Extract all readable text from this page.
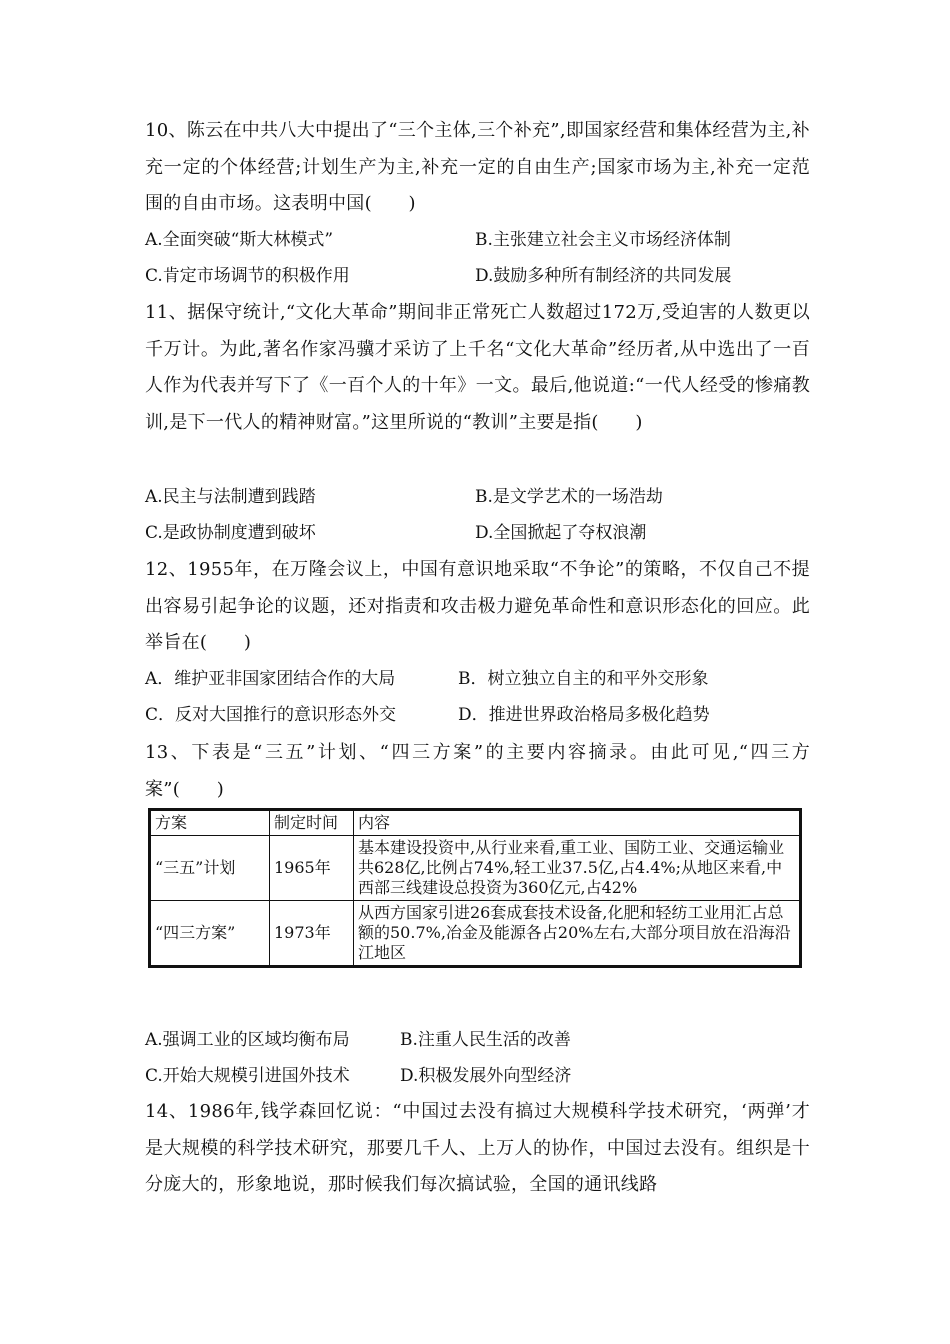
10、陈云在中共八大中提出了“三个主体,三个补充”,即国家经营和集体经营为主,补充一定的个体经营;计划生产为主,补充一定的自由生产;国家市场为主,补充一定范围的自由市场。这表明中国(　　)
A.全面突破“斯大林模式”	B.主张建立社会主义市场经济体制
C.肯定市场调节的积极作用	D.鼓励多种所有制经济的共同发展
11、据保守统计,“文化大革命”期间非正常死亡人数超过172万,受迫害的人数更以千万计。为此,著名作家冯骥才采访了上千名“文化大革命”经历者,从中选出了一百人作为代表并写下了《一百个人的十年》一文。最后,他说道:“一代人经受的惨痛教训,是下一代人的精神财富。”这里所说的“教训”主要是指(　　)
A.民主与法制遭到践踏	B.是文学艺术的一场浩劫
C.是政协制度遭到破坏	D.全国掀起了夺权浪潮
12、1955年，在万隆会议上，中国有意识地采取“不争论”的策略，不仅自己不提出容易引起争论的议题，还对指责和攻击极力避免革命性和意识形态化的回应。此举旨在(　　)
A．维护亚非国家团结合作的大局	B．树立独立自主的和平外交形象
C．反对大国推行的意识形态外交	D．推进世界政治格局多极化趋势
13、下表是“三五”计划、“四三方案”的主要内容摘录。由此可见,“四三方案”(　　)
方案	制定时间	内容
“三五”计划	1965年	基本建设投资中,从行业来看,重工业、国防工业、交通运输业共628亿,比例占74%,轻工业37.5亿,占4.4%;从地区来看,中西部三线建设总投资为360亿元,占42%
“四三方案”	1973年	从西方国家引进26套成套技术设备,化肥和轻纺工业用汇占总额的50.7%,冶金及能源各占20%左右,大部分项目放在沿海沿江地区
A.强调工业的区域均衡布局	B.注重人民生活的改善
C.开始大规模引进国外技术	D.积极发展外向型经济
14、1986年,钱学森回忆说：“中国过去没有搞过大规模科学技术研究，‘两弹’才是大规模的科学技术研究，那要几千人、上万人的协作，中国过去没有。组织是十分庞大的，形象地说，那时候我们每次搞试验，全国的通讯线路
